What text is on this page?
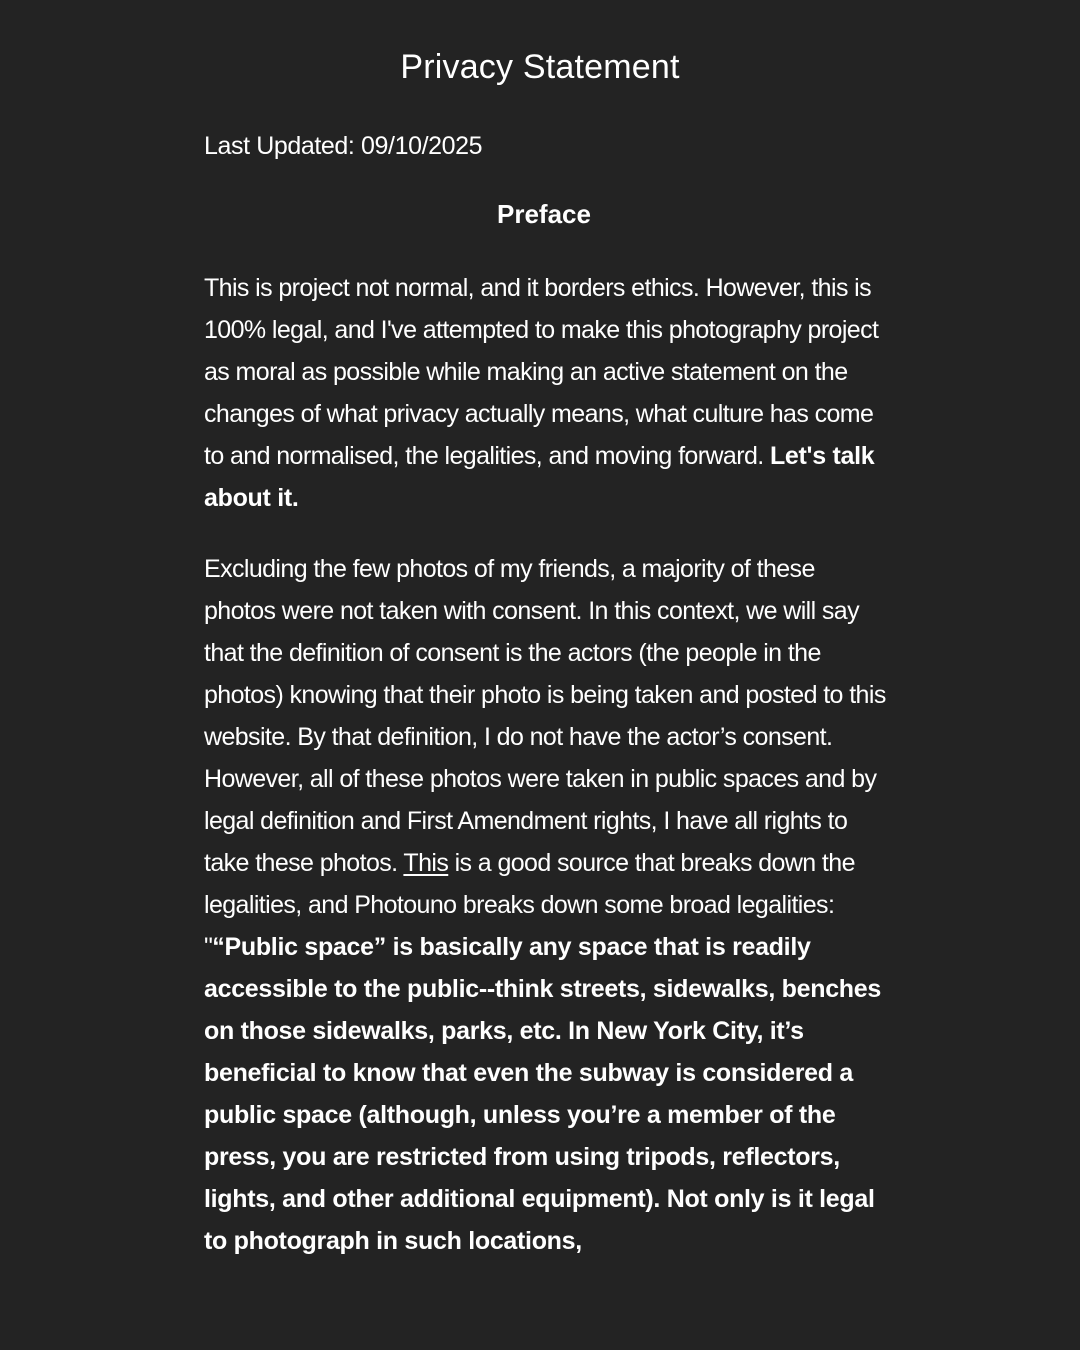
Privacy Statement

Last Updated: 09/10/2025

Preface

This is project not normal, and it borders ethics. However, this is 100% legal, and I've attempted to make this photography project as moral as possible while making an active statement on the changes of what privacy actually means, what culture has come to and normalised, the legalities, and moving forward. Let's talk about it.

Excluding the few photos of my friends, a majority of these photos were not taken with consent. In this context, we will say that the definition of consent is the actors (the people in the photos) knowing that their photo is being taken and posted to this website. By that definition, I do not have the actor’s consent. However, all of these photos were taken in public spaces and by legal definition and First Amendment rights, I have all rights to take these photos. This is a good source that breaks down the legalities, and Photouno breaks down some broad legalities: "“Public space” is basically any space that is readily accessible to the public--think streets, sidewalks, benches on those sidewalks, parks, etc. In New York City, it’s beneficial to know that even the subway is considered a public space (although, unless you’re a member of the press, you are restricted from using tripods, reflectors, lights, and other additional equipment). Not only is it legal to photograph in such locations,
